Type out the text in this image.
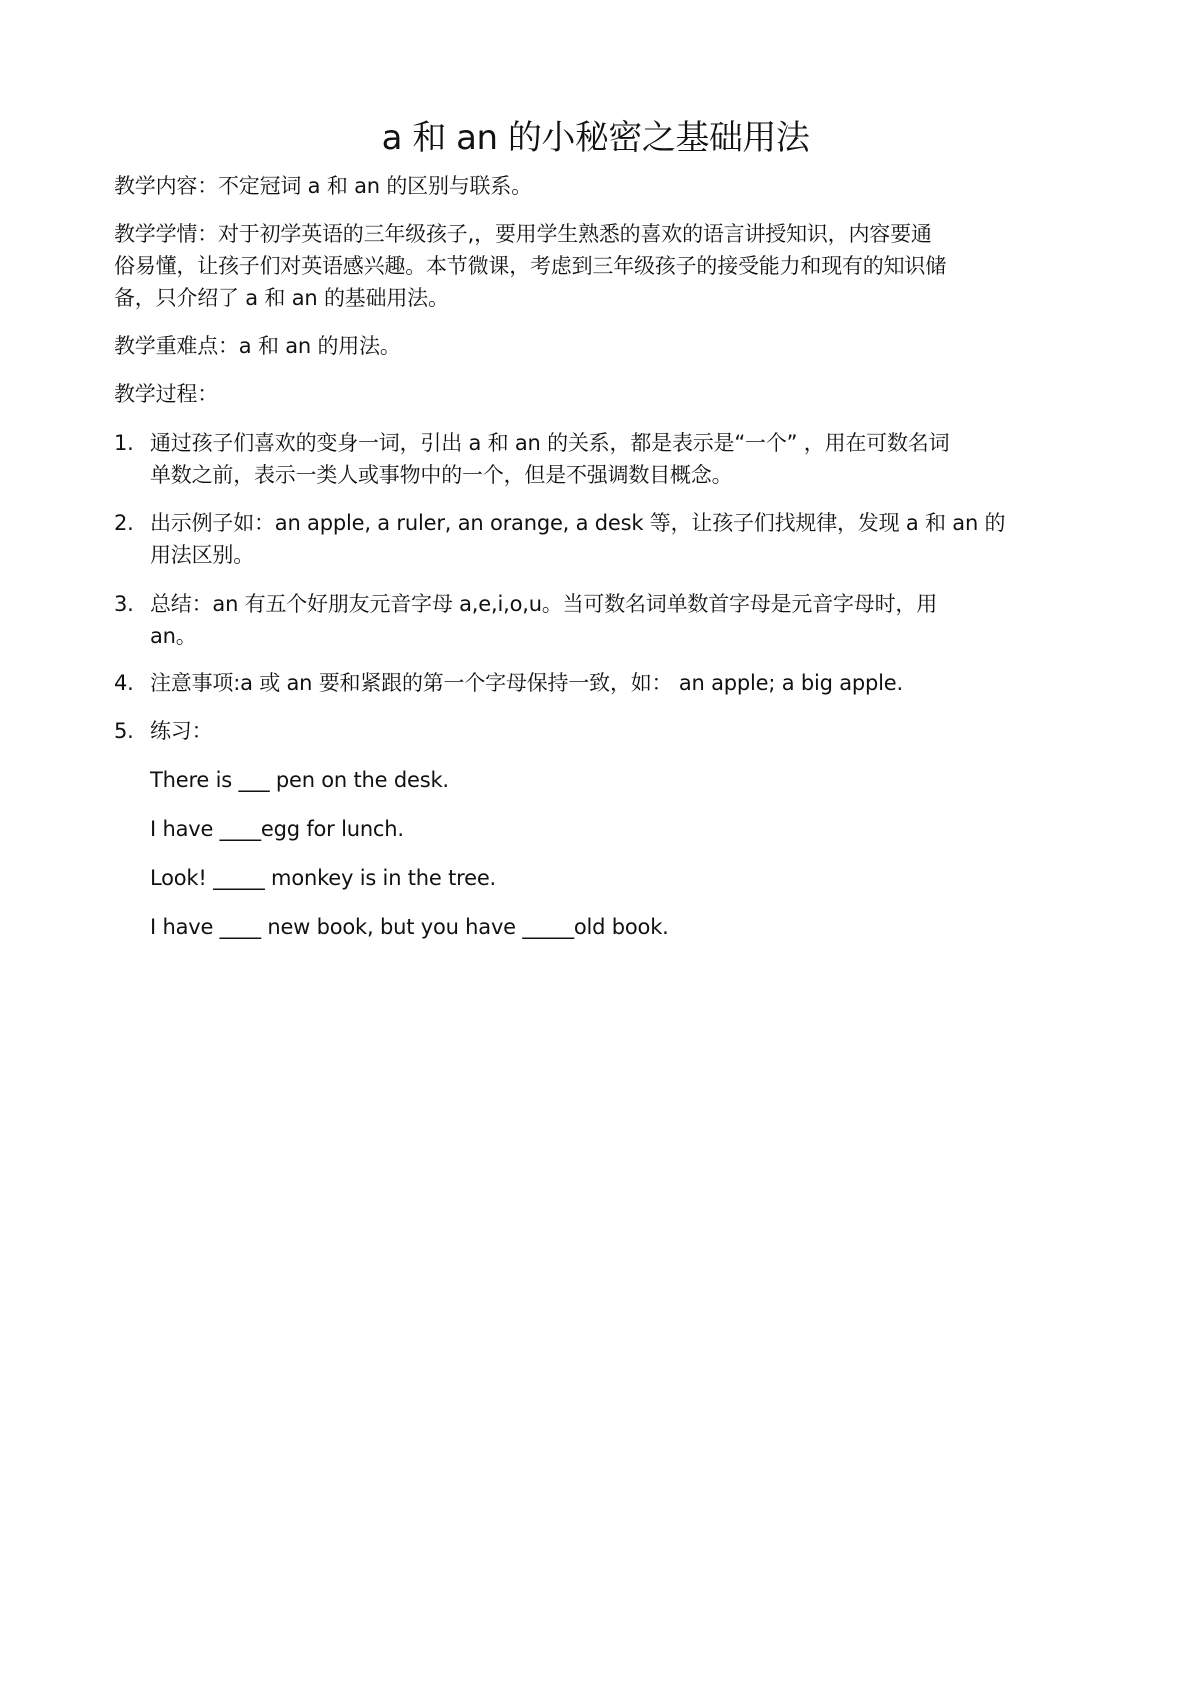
a 和 an 的小秘密之基础用法
教学内容：不定冠词 a 和 an 的区别与联系。
教学学情：对于初学英语的三年级孩子,，要用学生熟悉的喜欢的语言讲授知识，内容要通
俗易懂，让孩子们对英语感兴趣。本节微课，考虑到三年级孩子的接受能力和现有的知识储
备，只介绍了 a 和 an 的基础用法。
教学重难点：a 和 an 的用法。
教学过程：
1. 通过孩子们喜欢的变身一词，引出 a 和 an 的关系，都是表示是“一个” ，用在可数名词
单数之前，表示一类人或事物中的一个，但是不强调数目概念。
2. 出示例子如：an apple, a ruler, an orange, a desk 等，让孩子们找规律，发现 a 和 an 的
用法区别。
3. 总结：an 有五个好朋友元音字母 a,e,i,o,u。当可数名词单数首字母是元音字母时，用
an。
4. 注意事项:a 或 an 要和紧跟的第一个字母保持一致，如： an apple; a big apple.
5. 练习：
There is ___ pen on the desk.
I have ____egg for lunch.
Look! _____ monkey is in the tree.
I have ____ new book, but you have _____old book.
